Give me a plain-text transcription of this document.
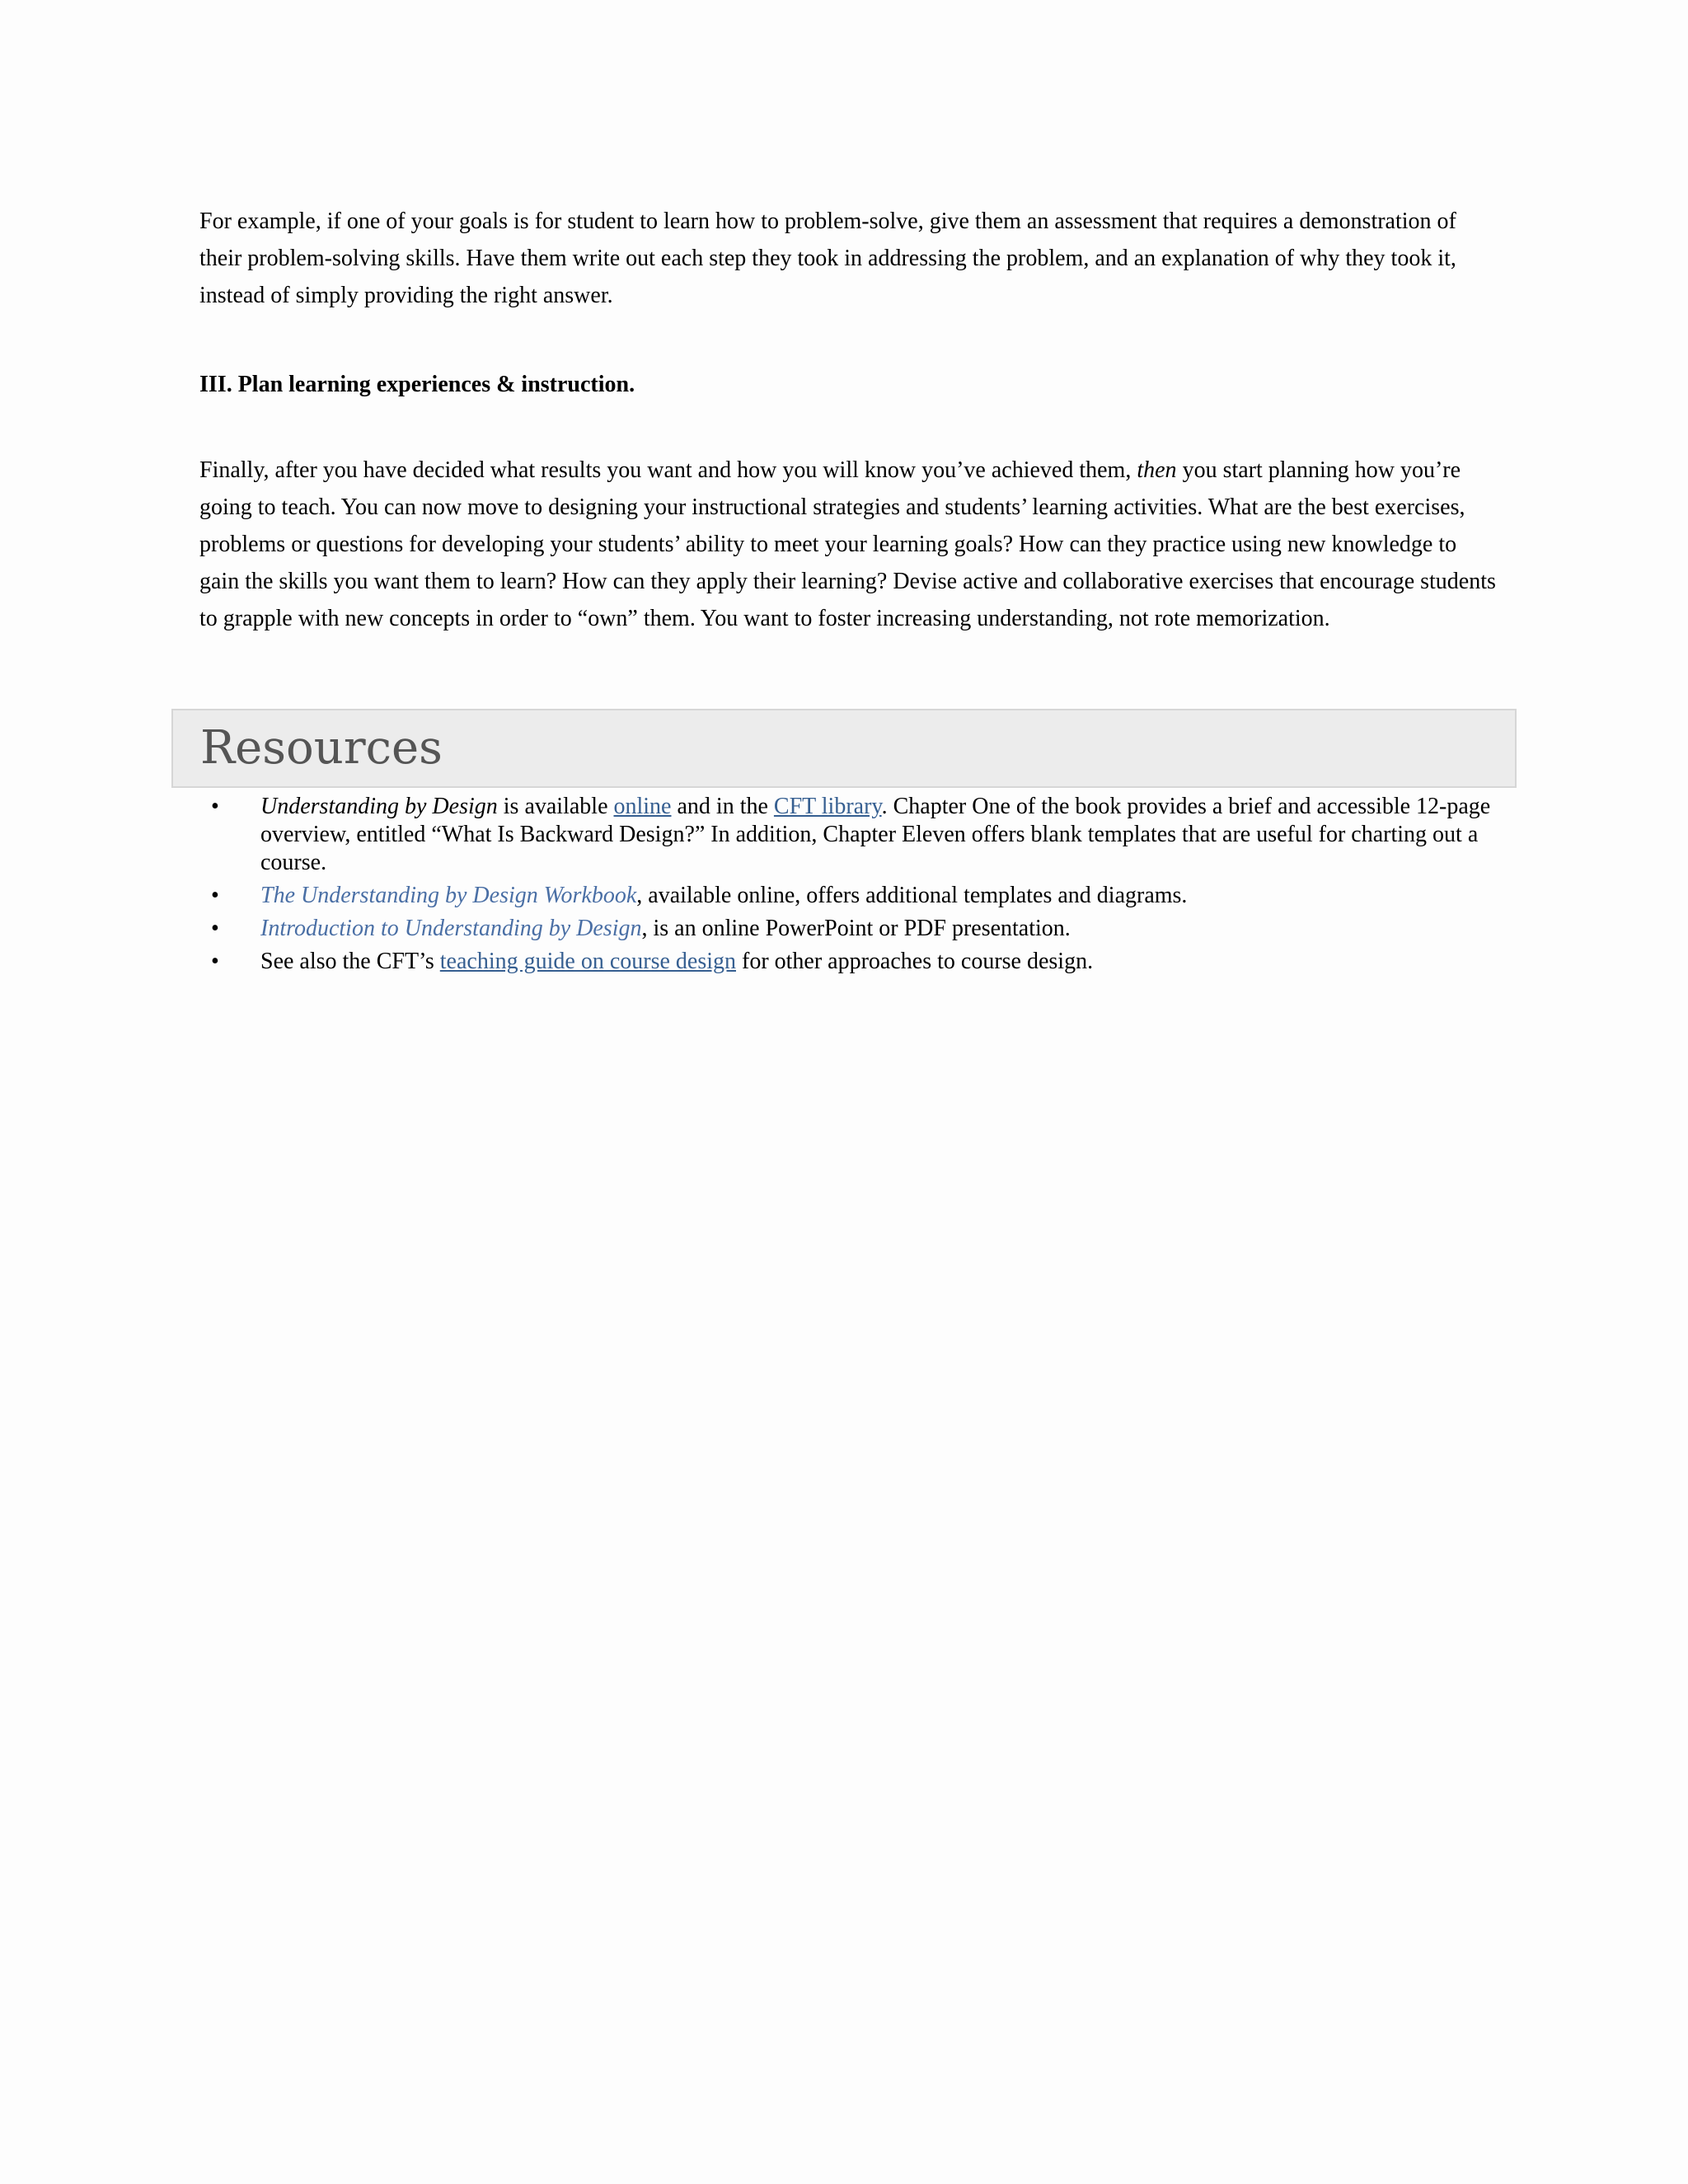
For example, if one of your goals is for student to learn how to problem-solve, give them an assessment that requires a demonstration of their problem-solving skills. Have them write out each step they took in addressing the problem, and an explanation of why they took it, instead of simply providing the right answer.

III. Plan learning experiences & instruction.

Finally, after you have decided what results you want and how you will know you’ve achieved them, then you start planning how you’re going to teach. You can now move to designing your instructional strategies and students’ learning activities. What are the best exercises, problems or questions for developing your students’ ability to meet your learning goals? How can they practice using new knowledge to gain the skills you want them to learn? How can they apply their learning? Devise active and collaborative exercises that encourage students to grapple with new concepts in order to “own” them. You want to foster increasing understanding, not rote memorization.

Resources
• Understanding by Design is available online and in the CFT library. Chapter One of the book provides a brief and accessible 12-page overview, entitled “What Is Backward Design?” In addition, Chapter Eleven offers blank templates that are useful for charting out a course.
• The Understanding by Design Workbook, available online, offers additional templates and diagrams.
• Introduction to Understanding by Design, is an online PowerPoint or PDF presentation.
• See also the CFT’s teaching guide on course design for other approaches to course design.
